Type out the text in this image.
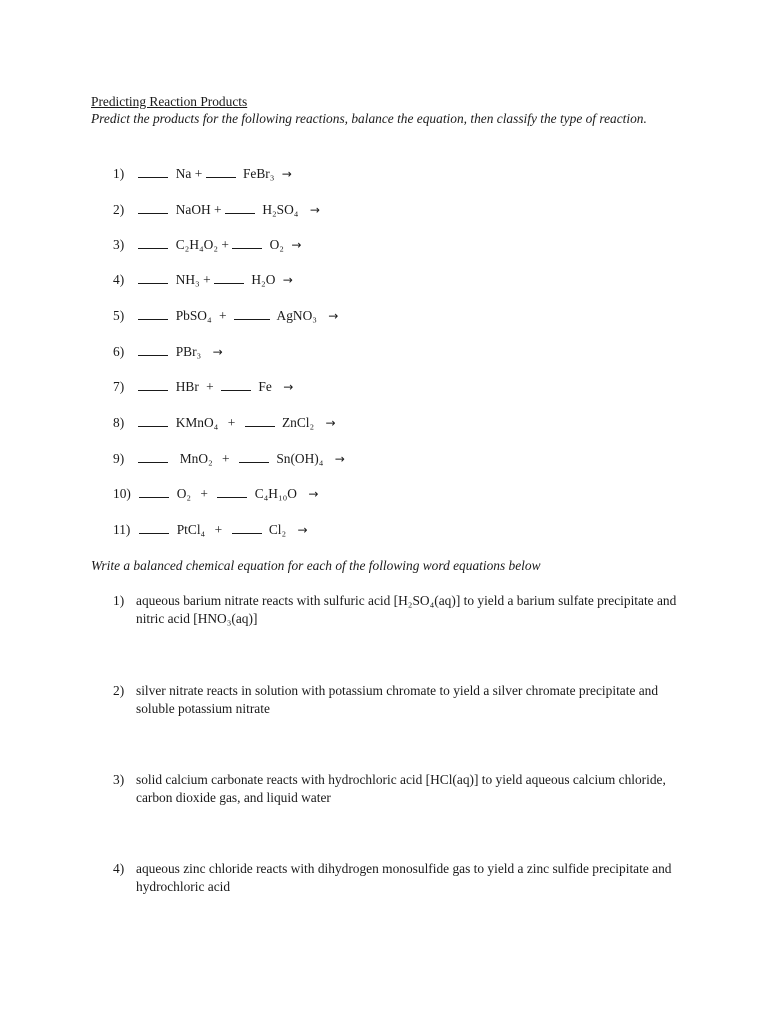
Predicting Reaction Products
Predict the products for the following reactions, balance the equation, then classify the type of reaction.
1)	Na +	FeBr₃ →
2)	NaOH +	H₂SO₄ →
3)	C₂H₄O₂ +	O₂ →
4)	NH₃ +	H₂O →
5)	PbSO₄ +	AgNO₃ →
6)	PBr₃ →
7)	HBr +	Fe →
8)	KMnO₄ +	ZnCl₂ →
9)	MnO₂ +	Sn(OH)₄ →
10)	O₂ +	C₄H₁₀O →
11)	PtCl₄ +	Cl₂ →
Write a balanced chemical equation for each of the following word equations below
1) aqueous barium nitrate reacts with sulfuric acid [H₂SO₄(aq)] to yield a barium sulfate precipitate and nitric acid [HNO₃(aq)]
2) silver nitrate reacts in solution with potassium chromate to yield a silver chromate precipitate and soluble potassium nitrate
3) solid calcium carbonate reacts with hydrochloric acid [HCl(aq)] to yield aqueous calcium chloride, carbon dioxide gas, and liquid water
4) aqueous zinc chloride reacts with dihydrogen monosulfide gas to yield a zinc sulfide precipitate and hydrochloric acid
